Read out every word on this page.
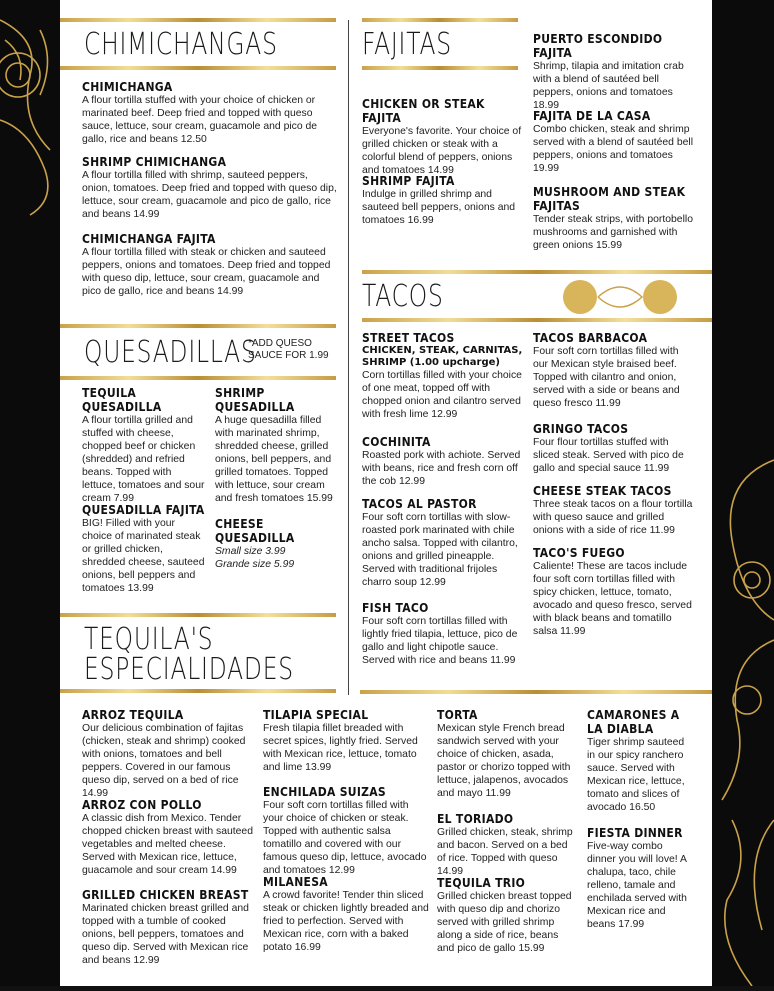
CHIMICHANGAS
CHIMICHANGA
A flour tortilla stuffed with your choice of chicken or marinated beef. Deep fried and topped with queso sauce, lettuce, sour cream, guacamole and pico de gallo, rice and beans 12.50
SHRIMP CHIMICHANGA
A flour tortilla filled with shrimp, sauteed peppers, onion, tomatoes. Deep fried and topped with queso dip, lettuce, sour cream, guacamole and pico de gallo, rice and beans 14.99
CHIMICHANGA FAJITA
A flour tortilla filled with steak or chicken and sauteed peppers, onions and tomatoes. Deep fried and topped with queso dip, lettuce, sour cream, guacamole and pico de gallo, rice and beans 14.99
FAJITAS
CHICKEN OR STEAK FAJITA
Everyone's favorite. Your choice of grilled chicken or steak with a colorful blend of peppers, onions and tomatoes 14.99
SHRIMP FAJITA
Indulge in grilled shrimp and sauteed bell peppers, onions and tomatoes 16.99
PUERTO ESCONDIDO FAJITA
Shrimp, tilapia and imitation crab with a blend of sautéed bell peppers, onions and tomatoes 18.99
FAJITA DE LA CASA
Combo chicken, steak and shrimp served with a blend of sautéed bell peppers, onions and tomatoes 19.99
MUSHROOM AND STEAK FAJITAS
Tender steak strips, with portobello mushrooms and garnished with green onions 15.99
TACOS
QUESADILLAS
*ADD QUESO SAUCE FOR 1.99
TEQUILA QUESADILLA
A flour tortilla grilled and stuffed with cheese, chopped beef or chicken (shredded) and refried beans. Topped with lettuce, tomatoes and sour cream 7.99
QUESADILLA FAJITA
BIG! Filled with your choice of marinated steak or grilled chicken, shredded cheese, sauteed onions, bell peppers and tomatoes 13.99
SHRIMP QUESADILLA
A huge quesadilla filled with marinated shrimp, shredded cheese, grilled onions, bell peppers, and grilled tomatoes. Topped with lettuce, sour cream and fresh tomatoes 15.99
CHEESE QUESADILLA
Small size 3.99
Grande size 5.99
STREET TACOS
CHICKEN, STEAK, CARNITAS, SHRIMP (1.00 upcharge)
Corn tortillas filled with your choice of one meat, topped off with chopped onion and cilantro served with fresh lime 12.99
COCHINITA
Roasted pork with achiote. Served with beans, rice and fresh corn off the cob 12.99
TACOS AL PASTOR
Four soft corn tortillas with slow-roasted pork marinated with chile ancho salsa. Topped with cilantro, onions and grilled pineapple. Served with traditional frijoles charro soup 12.99
FISH TACO
Four soft corn tortillas filled with lightly fried tilapia, lettuce, pico de gallo and light chipotle sauce. Served with rice and beans 11.99
TACOS BARBACOA
Four soft corn tortillas filled with our Mexican style braised beef. Topped with cilantro and onion, served with a side or beans and queso fresco 11.99
GRINGO TACOS
Four flour tortillas stuffed with sliced steak. Served with pico de gallo and special sauce 11.99
CHEESE STEAK TACOS
Three steak tacos on a flour tortilla with queso sauce and grilled onions with a side of rice 11.99
TACO'S FUEGO
Caliente! These are tacos include four soft corn tortillas filled with spicy chicken, lettuce, tomato, avocado and queso fresco, served with black beans and tomatillo salsa 11.99
TEQUILA'S
ESPECIALIDADES
ARROZ TEQUILA
Our delicious combination of fajitas (chicken, steak and shrimp) cooked with onions, tomatoes and bell peppers. Covered in our famous queso dip, served on a bed of rice 14.99
ARROZ CON POLLO
A classic dish from Mexico. Tender chopped chicken breast with sauteed vegetables and melted cheese. Served with Mexican rice, lettuce, guacamole and sour cream 14.99
GRILLED CHICKEN BREAST
Marinated chicken breast grilled and topped with a tumble of cooked onions, bell peppers, tomatoes and queso dip. Served with Mexican rice and beans 12.99
TILAPIA SPECIAL
Fresh tilapia fillet breaded with secret spices, lightly fried. Served with Mexican rice, lettuce, tomato and lime 13.99
ENCHILADA SUIZAS
Four soft corn tortillas filled with your choice of chicken or steak. Topped with authentic salsa tomatillo and covered with our famous queso dip, lettuce, avocado and tomatoes 12.99
MILANESA
A crowd favorite! Tender thin sliced steak or chicken lightly breaded and fried to perfection. Served with Mexican rice, corn with a baked potato 16.99
TORTA
Mexican style French bread sandwich served with your choice of chicken, asada, pastor or chorizo topped with lettuce, jalapenos, avocados and mayo 11.99
EL TORIADO
Grilled chicken, steak, shrimp and bacon. Served on a bed of rice. Topped with queso 14.99
TEQUILA TRIO
Grilled chicken breast topped with queso dip and chorizo served with grilled shrimp along a side of rice, beans and pico de gallo 15.99
CAMARONES A LA DIABLA
Tiger shrimp sauteed in our spicy ranchero sauce. Served with Mexican rice, lettuce, tomato and slices of avocado 16.50
FIESTA DINNER
Five-way combo dinner you will love! A chalupa, taco, chile relleno, tamale and enchilada served with Mexican rice and beans 17.99
